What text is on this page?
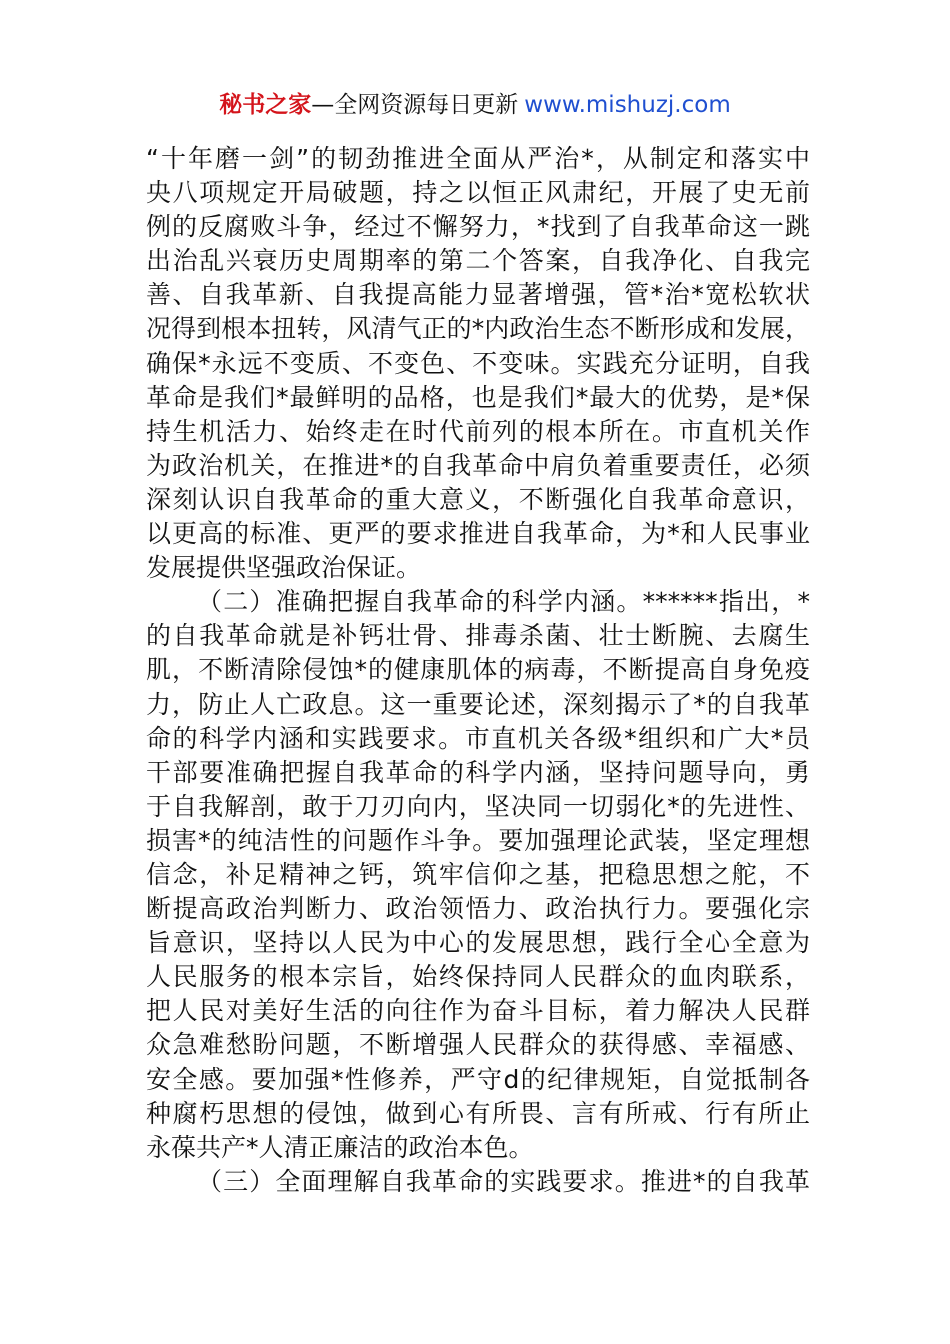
秘书之家—全网资源每日更新 www.mishuzj.com
“十年磨一剑”的韧劲推进全面从严治*，从制定和落实中
央八项规定开局破题，持之以恒正风肃纪，开展了史无前
例的反腐败斗争，经过不懈努力，*找到了自我革命这一跳
出治乱兴衰历史周期率的第二个答案，自我净化、自我完
善、自我革新、自我提高能力显著增强，管*治*宽松软状
况得到根本扭转，风清气正的*内政治生态不断形成和发展，
确保*永远不变质、不变色、不变味。实践充分证明，自我
革命是我们*最鲜明的品格，也是我们*最大的优势，是*保
持生机活力、始终走在时代前列的根本所在。市直机关作
为政治机关，在推进*的自我革命中肩负着重要责任，必须
深刻认识自我革命的重大意义，不断强化自我革命意识，
以更高的标准、更严的要求推进自我革命，为*和人民事业
发展提供坚强政治保证。
（二）准确把握自我革命的科学内涵。******指出，*
的自我革命就是补钙壮骨、排毒杀菌、壮士断腕、去腐生
肌，不断清除侵蚀*的健康肌体的病毒，不断提高自身免疫
力，防止人亡政息。这一重要论述，深刻揭示了*的自我革
命的科学内涵和实践要求。市直机关各级*组织和广大*员
干部要准确把握自我革命的科学内涵，坚持问题导向，勇
于自我解剖，敢于刀刃向内，坚决同一切弱化*的先进性、
损害*的纯洁性的问题作斗争。要加强理论武装，坚定理想
信念，补足精神之钙，筑牢信仰之基，把稳思想之舵，不
断提高政治判断力、政治领悟力、政治执行力。要强化宗
旨意识，坚持以人民为中心的发展思想，践行全心全意为
人民服务的根本宗旨，始终保持同人民群众的血肉联系，
把人民对美好生活的向往作为奋斗目标，着力解决人民群
众急难愁盼问题，不断增强人民群众的获得感、幸福感、
安全感。要加强*性修养，严守d的纪律规矩，自觉抵制各
种腐朽思想的侵蚀，做到心有所畏、言有所戒、行有所止
永葆共产*人清正廉洁的政治本色。
（三）全面理解自我革命的实践要求。推进*的自我革
